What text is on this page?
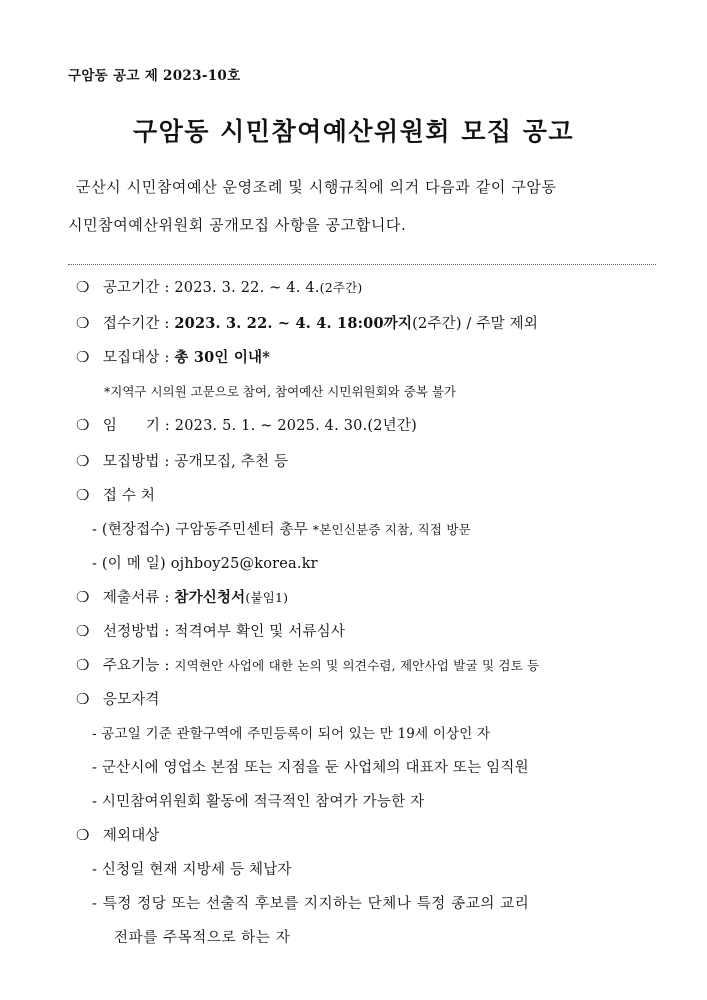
구암동 공고 제 2023-10호
구암동 시민참여예산위원회 모집 공고
군산시 시민참여예산 운영조례 및 시행규칙에 의거 다음과 같이 구암동
시민참여예산위원회 공개모집 사항을 공고합니다.
❍ 공고기간 : 2023. 3. 22. ~ 4. 4.(2주간)
❍ 접수기간 : 2023. 3. 22. ~ 4. 4. 18:00까지(2주간) / 주말 제외
❍ 모집대상 : 총 30인 이내*
*지역구 시의원 고문으로 참여, 참여예산 시민위원회와 중복 불가
❍ 임      기 : 2023. 5. 1. ~ 2025. 4. 30.(2년간)
❍ 모집방법 : 공개모집, 추천 등
❍ 접 수 처
- (현장접수) 구암동주민센터 총무 *본인신분증 지참, 직접 방문
- (이 메 일) ojhboy25@korea.kr
❍ 제출서류 : 참가신청서(붙임1)
❍ 선정방법 : 적격여부 확인 및 서류심사
❍ 주요기능 : 지역현안 사업에 대한 논의 및 의견수렴, 제안사업 발굴 및 검토 등
❍ 응모자격
- 공고일 기준 관할구역에 주민등록이 되어 있는 만 19세 이상인 자
- 군산시에 영업소 본점 또는 지점을 둔 사업체의 대표자 또는 임직원
- 시민참여위원회 활동에 적극적인 참여가 가능한 자
❍ 제외대상
- 신청일 현재 지방세 등 체납자
- 특정 정당 또는 선출직 후보를 지지하는 단체나 특정 종교의 교리
전파를 주목적으로 하는 자
